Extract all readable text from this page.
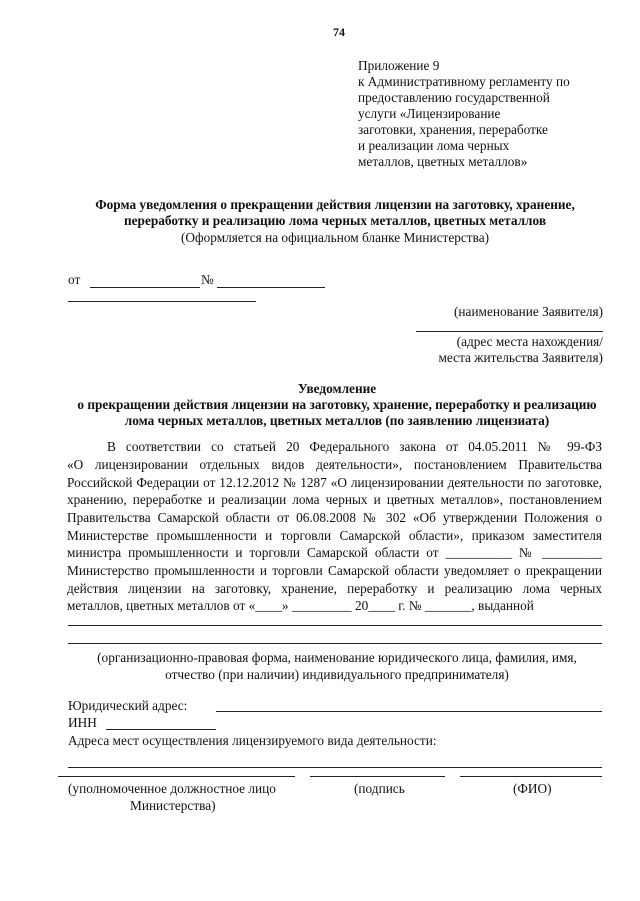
74
Приложение 9
к Административному регламенту по
предоставлению государственной
услуги «Лицензирование
заготовки, хранения, переработке
и реализации лома черных
металлов, цветных металлов»
Форма уведомления о прекращении действия лицензии на заготовку, хранение,
переработку и реализацию лома черных металлов, цветных металлов
(Оформляется на официальном бланке Министерства)
от	№
(наименование Заявителя)
(адрес места нахождения/
места жительства Заявителя)
Уведомление
о прекращении действия лицензии на заготовку, хранение, переработку и реализацию
лома черных металлов, цветных металлов (по заявлению лицензиата)
В соответствии со статьей 20 Федерального закона от 04.05.2011 № 99-ФЗ
«О лицензировании отдельных видов деятельности», постановлением Правительства
Российской Федерации от 12.12.2012 № 1287 «О лицензировании деятельности по заготовке,
хранению, переработке и реализации лома черных и цветных металлов», постановлением
Правительства Самарской области от 06.08.2008 № 302 «Об утверждении Положения о
Министерстве промышленности и торговли Самарской области», приказом заместителя
министра промышленности и торговли Самарской области от __________ № _________
Министерство промышленности и торговли Самарской области уведомляет о прекращении
действия лицензии на заготовку, хранение, переработку и реализацию лома черных
металлов, цветных металлов от «____» _________ 20____ г. № _______, выданной
(организационно-правовая форма, наименование юридического лица, фамилия, имя,
отчество (при наличии) индивидуального предпринимателя)
Юридический адрес:
ИНН
Адреса мест осуществления лицензируемого вида деятельности:
(уполномоченное должностное лицо
Министерства)
(подпись	(ФИО)
